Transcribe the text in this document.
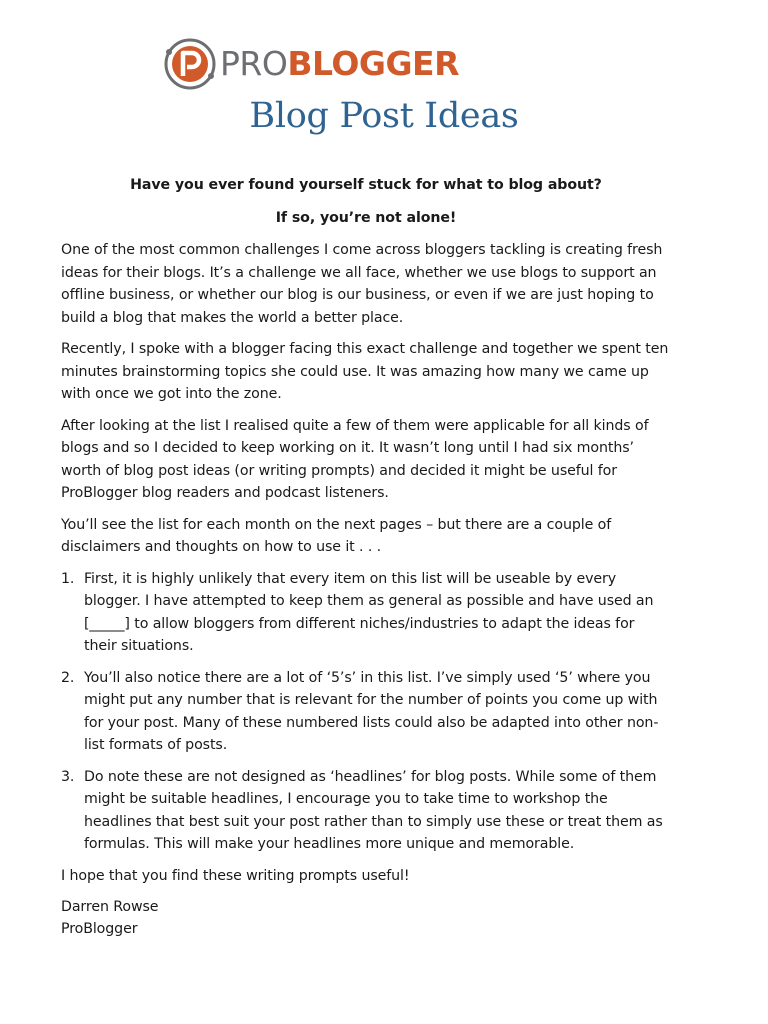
PROBLOGGER
Blog Post Ideas

Have you ever found yourself stuck for what to blog about?

If so, you’re not alone!

One of the most common challenges I come across bloggers tackling is creating fresh ideas for their blogs. It’s a challenge we all face, whether we use blogs to support an offline business, or whether our blog is our business, or even if we are just hoping to build a blog that makes the world a better place.

Recently, I spoke with a blogger facing this exact challenge and together we spent ten minutes brainstorming topics she could use. It was amazing how many we came up with once we got into the zone.

After looking at the list I realised quite a few of them were applicable for all kinds of blogs and so I decided to keep working on it. It wasn’t long until I had six months’ worth of blog post ideas (or writing prompts) and decided it might be useful for ProBlogger blog readers and podcast listeners.

You’ll see the list for each month on the next pages – but there are a couple of disclaimers and thoughts on how to use it . . .

1. First, it is highly unlikely that every item on this list will be useable by every blogger. I have attempted to keep them as general as possible and have used an [_____] to allow bloggers from different niches/industries to adapt the ideas for their situations.
2. You’ll also notice there are a lot of ‘5’s’ in this list. I’ve simply used ‘5’ where you might put any number that is relevant for the number of points you come up with for your post. Many of these numbered lists could also be adapted into other non-list formats of posts.
3. Do note these are not designed as ‘headlines’ for blog posts. While some of them might be suitable headlines, I encourage you to take time to workshop the headlines that best suit your post rather than to simply use these or treat them as formulas. This will make your headlines more unique and memorable.

I hope that you find these writing prompts useful!

Darren Rowse

ProBlogger
